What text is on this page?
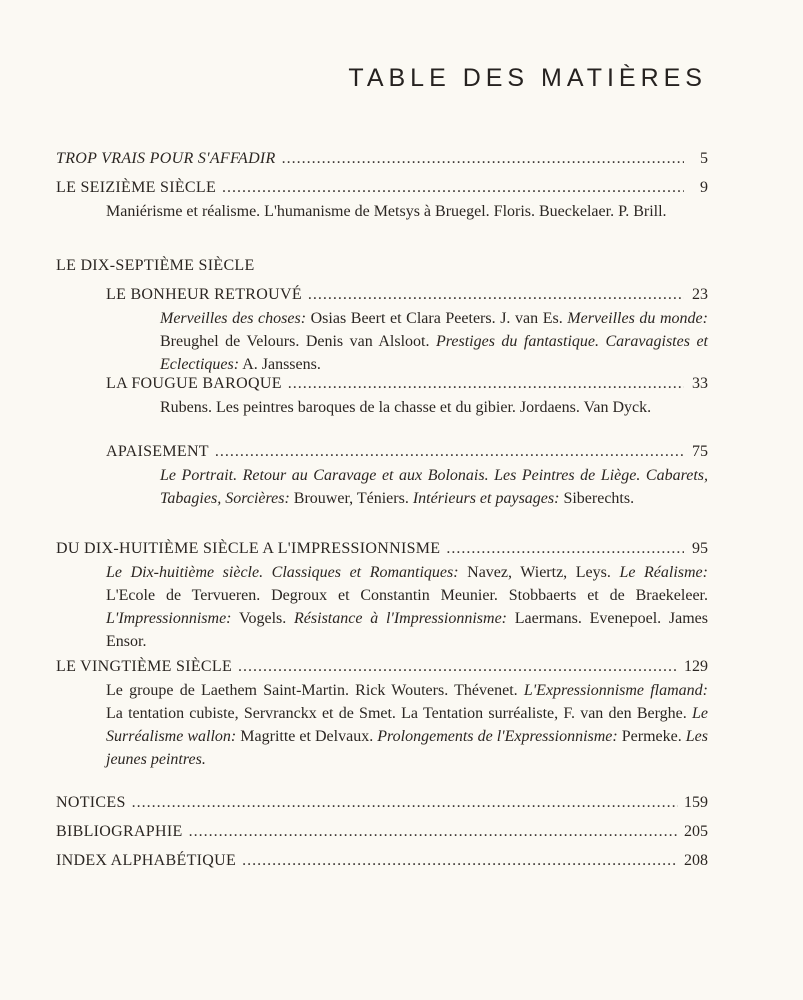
TABLE DES MATIÈRES
TROP VRAIS POUR S'AFFADIR . . .	5
LE SEIZIÈME SIÈCLE . . .	9
Maniérisme et réalisme. L'humanisme de Metsys à Bruegel. Floris. Bueckelaer. P. Brill.
LE DIX-SEPTIÈME SIÈCLE
LE BONHEUR RETROUVÉ . . .	23
Merveilles des choses: Osias Beert et Clara Peeters. J. van Es. Merveilles du monde: Breughel de Velours. Denis van Alsloot. Prestiges du fantastique. Caravagistes et Eclectiques: A. Janssens.
LA FOUGUE BAROQUE . . .	33
Rubens. Les peintres baroques de la chasse et du gibier. Jordaens. Van Dyck.
APAISEMENT . . .	75
Le Portrait. Retour au Caravage et aux Bolonais. Les Peintres de Liège. Cabarets, Tabagies, Sorcières: Brouwer, Téniers. Intérieurs et paysages: Siberechts.
DU DIX-HUITIÈME SIÈCLE A L'IMPRESSIONNISME . . .	95
Le Dix-huitième siècle. Classiques et Romantiques: Navez, Wiertz, Leys. Le Réalisme: L'Ecole de Tervueren. Degroux et Constantin Meunier. Stobbaerts et de Braekeleer. L'Impressionnisme: Vogels. Résistance à l'Impressionnisme: Laermans. Evenepoel. James Ensor.
LE VINGTIÈME SIÈCLE . . .	129
Le groupe de Laethem Saint-Martin. Rick Wouters. Thévenet. L'Expressionnisme flamand: La tentation cubiste, Servranckx et de Smet. La Tentation surréaliste, F. van den Berghe. Le Surréalisme wallon: Magritte et Delvaux. Prolongements de l'Expressionnisme: Permeke. Les jeunes peintres.
NOTICES . . .	159
BIBLIOGRAPHIE . . .	205
INDEX ALPHABÉTIQUE . . .	208
